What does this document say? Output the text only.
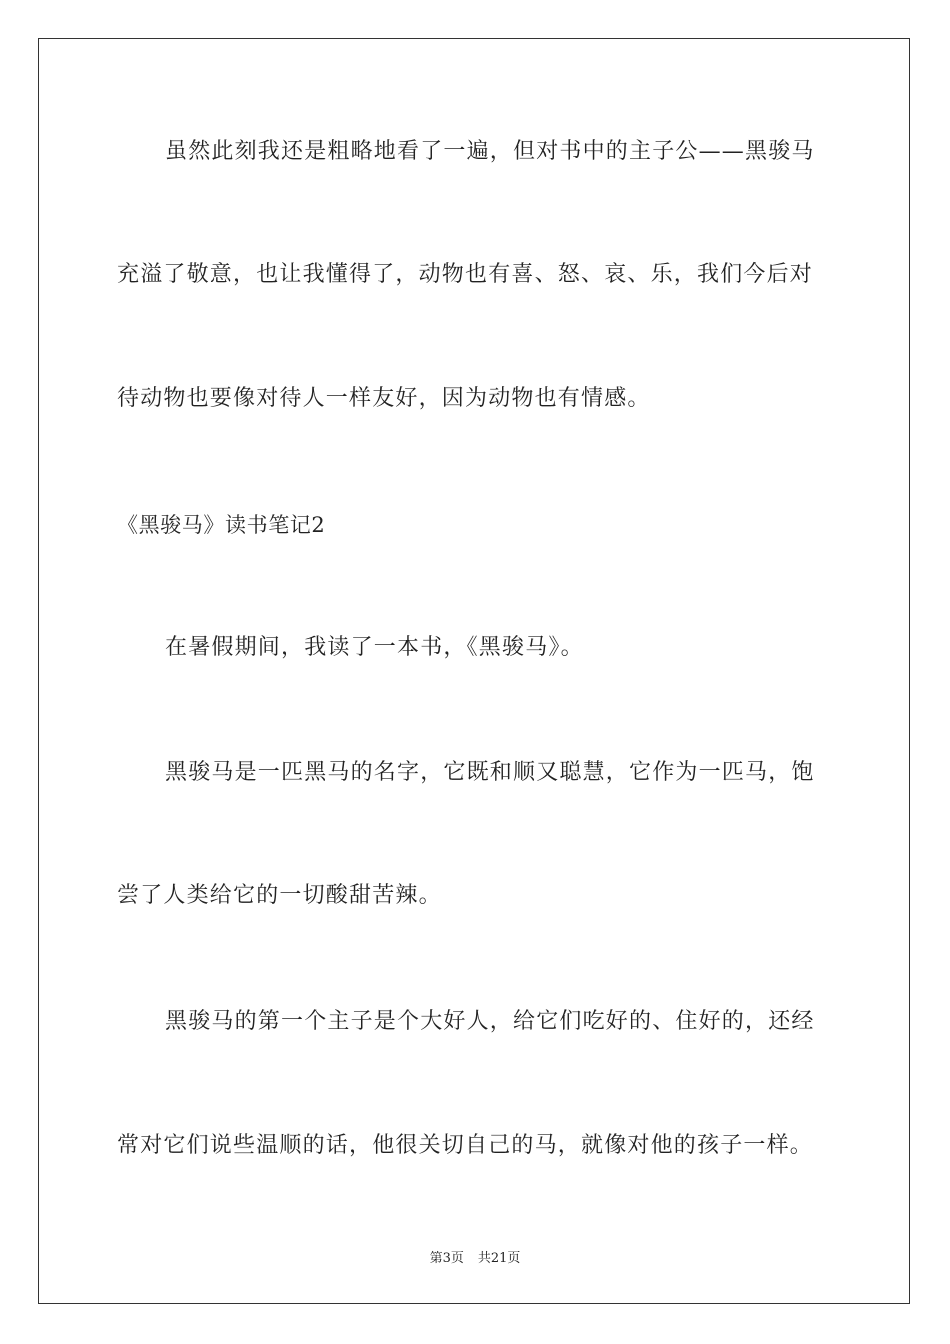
虽然此刻我还是粗略地看了一遍，但对书中的主子公——黑骏马
充溢了敬意，也让我懂得了，动物也有喜、怒、哀、乐，我们今后对
待动物也要像对待人一样友好，因为动物也有情感。
《黑骏马》读书笔记2
在暑假期间，我读了一本书，《黑骏马》。
黑骏马是一匹黑马的名字，它既和顺又聪慧，它作为一匹马，饱
尝了人类给它的一切酸甜苦辣。
黑骏马的第一个主子是个大好人，给它们吃好的、住好的，还经
常对它们说些温顺的话，他很关切自己的马，就像对他的孩子一样。
第3页 共21页
